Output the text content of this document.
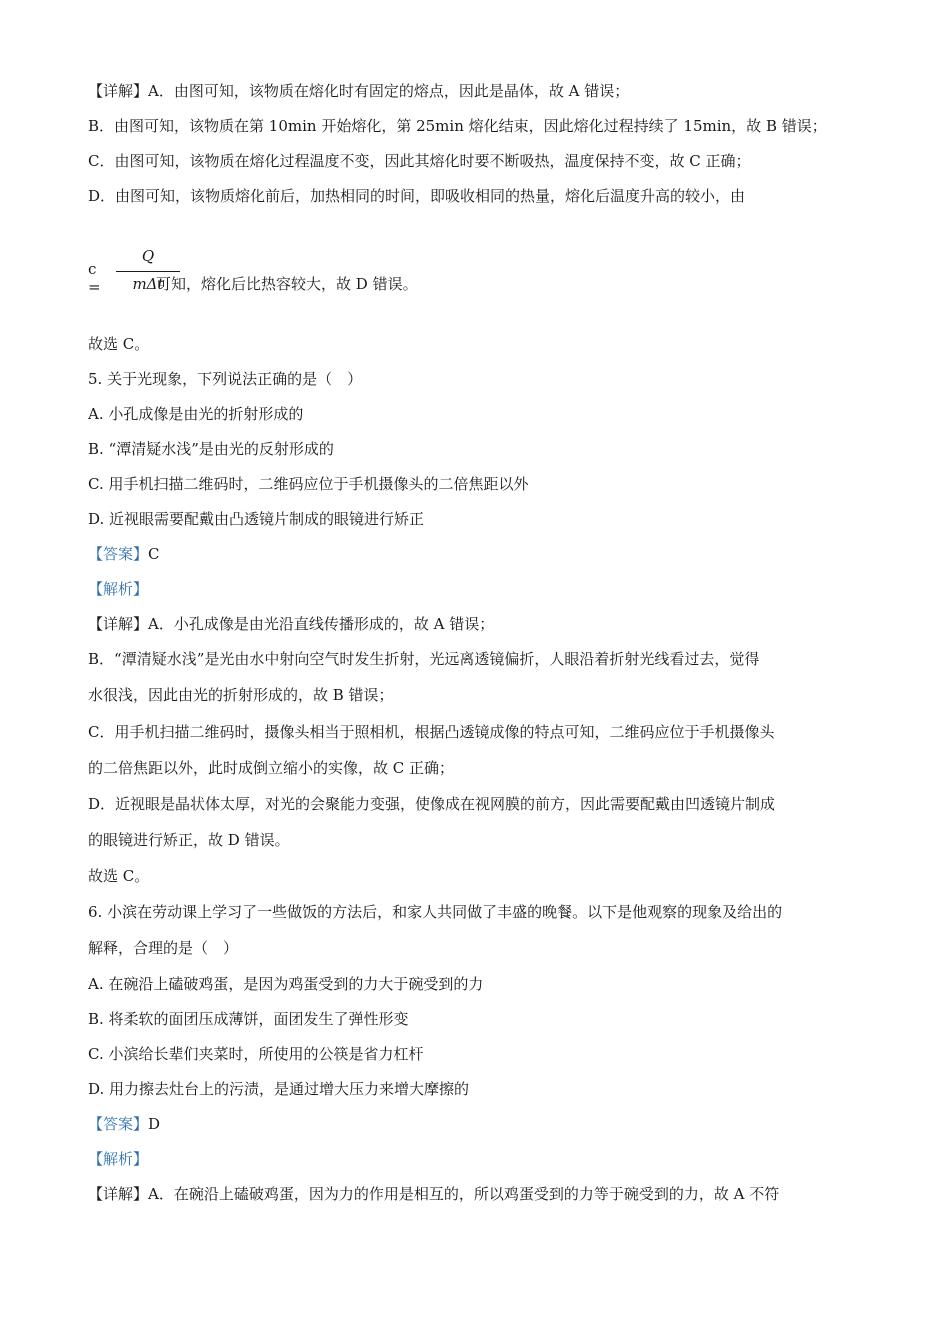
【详解】A．由图可知，该物质在熔化时有固定的熔点，因此是晶体，故 A 错误；
B．由图可知，该物质在第 10min 开始熔化，第 25min 熔化结束，因此熔化过程持续了 15min，故 B 错误；
C．由图可知，该物质在熔化过程温度不变，因此其熔化时要不断吸热，温度保持不变，故 C 正确；
D．由图可知，该物质熔化前后，加热相同的时间，即吸收相同的热量，熔化后温度升高的较小，由
c =
Q
mΔt
可知，熔化后比热容较大，故 D 错误。
故选 C。
5. 关于光现象，下列说法正确的是（　）
A. 小孔成像是由光的折射形成的
B. “潭清疑水浅”是由光的反射形成的
C. 用手机扫描二维码时，二维码应位于手机摄像头的二倍焦距以外
D. 近视眼需要配戴由凸透镜片制成的眼镜进行矫正
【答案】C
【解析】
【详解】A．小孔成像是由光沿直线传播形成的，故 A 错误；
B．“潭清疑水浅”是光由水中射向空气时发生折射，光远离透镜偏折，人眼沿着折射光线看过去，觉得
水很浅，因此由光的折射形成的，故 B 错误；
C．用手机扫描二维码时，摄像头相当于照相机，根据凸透镜成像的特点可知，二维码应位于手机摄像头
的二倍焦距以外，此时成倒立缩小的实像，故 C 正确；
D．近视眼是晶状体太厚，对光的会聚能力变强，使像成在视网膜的前方，因此需要配戴由凹透镜片制成
的眼镜进行矫正，故 D 错误。
故选 C。
6. 小滨在劳动课上学习了一些做饭的方法后，和家人共同做了丰盛的晚餐。以下是他观察的现象及给出的
解释，合理的是（　）
A. 在碗沿上磕破鸡蛋，是因为鸡蛋受到的力大于碗受到的力
B. 将柔软的面团压成薄饼，面团发生了弹性形变
C. 小滨给长辈们夹菜时，所使用的公筷是省力杠杆
D. 用力擦去灶台上的污渍，是通过增大压力来增大摩擦的
【答案】D
【解析】
【详解】A．在碗沿上磕破鸡蛋，因为力的作用是相互的，所以鸡蛋受到的力等于碗受到的力，故 A 不符
